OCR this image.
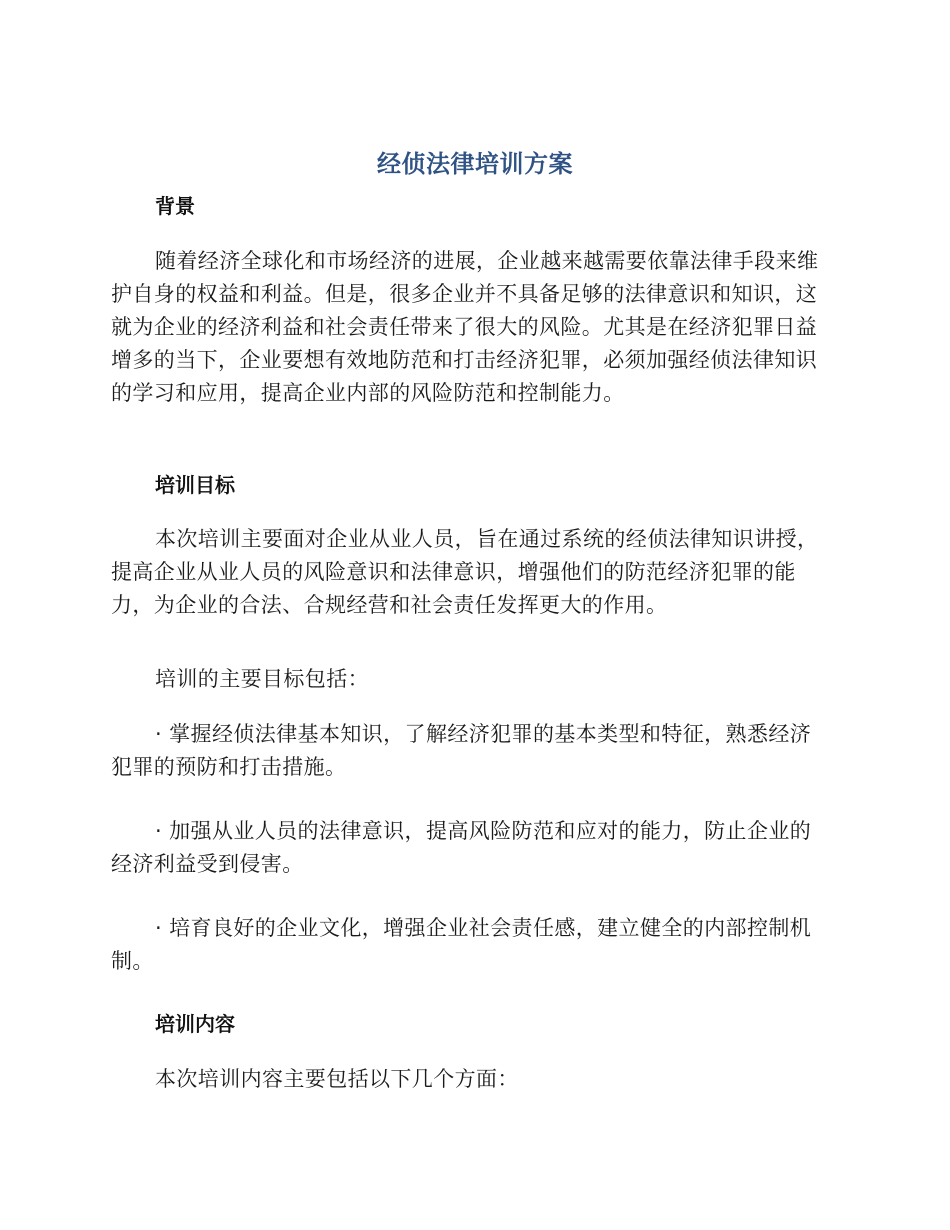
经侦法律培训方案
背景
随着经济全球化和市场经济的进展，企业越来越需要依靠法律手段来维
护自身的权益和利益。但是，很多企业并不具备足够的法律意识和知识，这
就为企业的经济利益和社会责任带来了很大的风险。尤其是在经济犯罪日益
增多的当下，企业要想有效地防范和打击经济犯罪，必须加强经侦法律知识
的学习和应用，提高企业内部的风险防范和控制能力。
培训目标
本次培训主要面对企业从业人员，旨在通过系统的经侦法律知识讲授，
提高企业从业人员的风险意识和法律意识，增强他们的防范经济犯罪的能
力，为企业的合法、合规经营和社会责任发挥更大的作用。
培训的主要目标包括：
· 掌握经侦法律基本知识，了解经济犯罪的基本类型和特征，熟悉经济
犯罪的预防和打击措施。
· 加强从业人员的法律意识，提高风险防范和应对的能力，防止企业的
经济利益受到侵害。
· 培育良好的企业文化，增强企业社会责任感，建立健全的内部控制机
制。
培训内容
本次培训内容主要包括以下几个方面：
